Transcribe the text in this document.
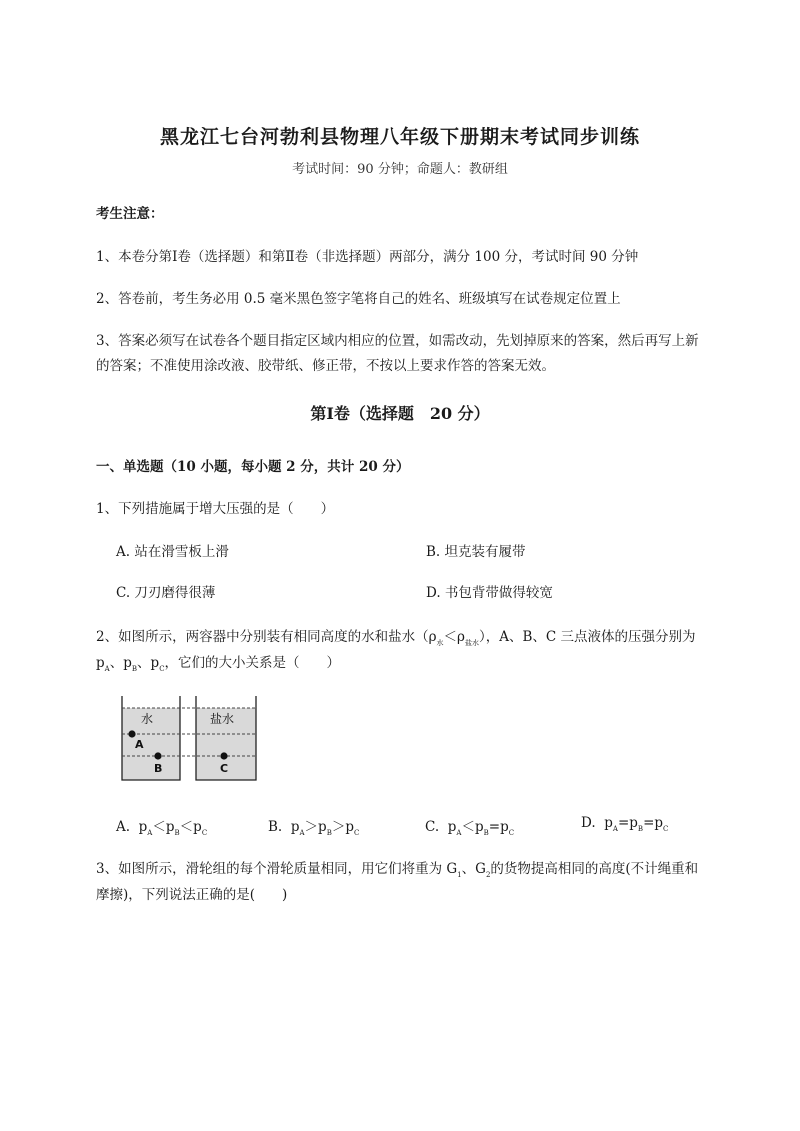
黑龙江七台河勃利县物理八年级下册期末考试同步训练
考试时间：90 分钟；命题人：教研组
考生注意：
1、本卷分第Ⅰ卷（选择题）和第Ⅱ卷（非选择题）两部分，满分 100 分，考试时间 90 分钟
2、答卷前，考生务必用 0.5 毫米黑色签字笔将自己的姓名、班级填写在试卷规定位置上
3、答案必须写在试卷各个题目指定区域内相应的位置，如需改动，先划掉原来的答案，然后再写上新
的答案；不准使用涂改液、胶带纸、修正带，不按以上要求作答的答案无效。
第Ⅰ卷（选择题　20 分）
一、单选题（10 小题，每小题 2 分，共计 20 分）
1、下列措施属于增大压强的是（　　）
A. 站在滑雪板上滑	B. 坦克装有履带
C. 刀刃磨得很薄	D. 书包背带做得较宽
2、如图所示，两容器中分别装有相同高度的水和盐水$(\rho_水<\rho_{盐水})$，A、B、C 三点液体的压强分别为
$p_A$、$p_B$、$p_C$，它们的大小关系是（　　）
水	盐水
A
B	C
A. $p_A<p_B<p_C$	B. $p_A>p_B>p_C$	C. $p_A<p_B=p_C$
D. $p_A=p_B=p_C$
3、如图所示，滑轮组的每个滑轮质量相同，用它们将重为 $G_1$、$G_2$的货物提高相同的高度(不计绳重和
摩擦)，下列说法正确的是(　　)
